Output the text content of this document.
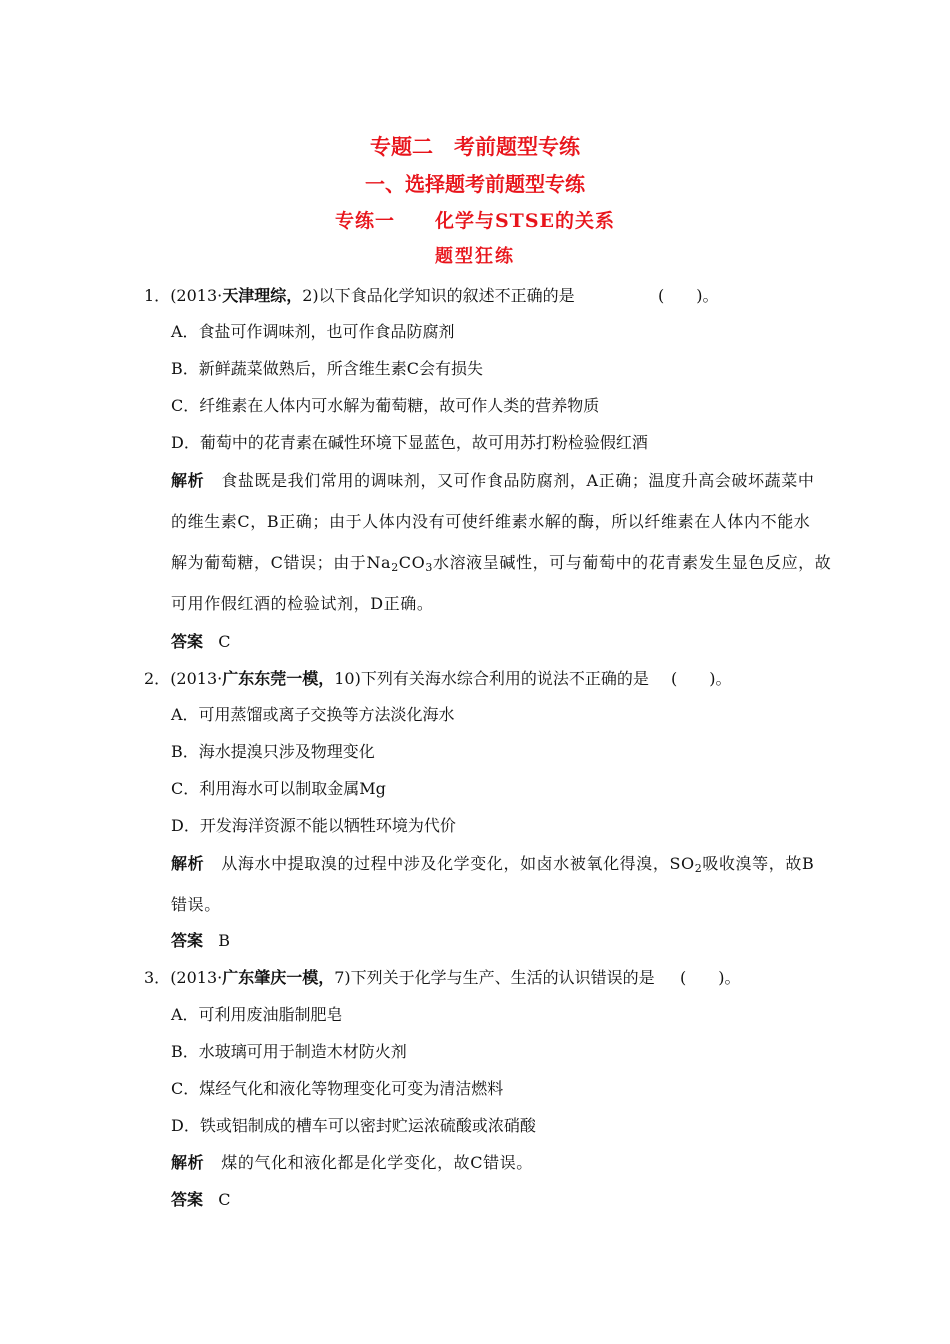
专题二　考前题型专练
一、选择题考前题型专练
专练一　　化学与STSE的关系
题型狂练
1．(2013·天津理综，2)以下食品化学知识的叙述不正确的是	(　　)。
A．食盐可作调味剂，也可作食品防腐剂
B．新鲜蔬菜做熟后，所含维生素C会有损失
C．纤维素在人体内可水解为葡萄糖，故可作人类的营养物质
D．葡萄中的花青素在碱性环境下显蓝色，故可用苏打粉检验假红酒
解析 食盐既是我们常用的调味剂，又可作食品防腐剂，A正确；温度升高会破坏蔬菜中
的维生素C，B正确；由于人体内没有可使纤维素水解的酶，所以纤维素在人体内不能水
解为葡萄糖，C错误；由于$Na_2CO_3$水溶液呈碱性，可与葡萄中的花青素发生显色反应，故
可用作假红酒的检验试剂，D正确。
答案 C
2．(2013·广东东莞一模，10)下列有关海水综合利用的说法不正确的是 (　　)。
A．可用蒸馏或离子交换等方法淡化海水
B．海水提溴只涉及物理变化
C．利用海水可以制取金属Mg
D．开发海洋资源不能以牺牲环境为代价
解析 从海水中提取溴的过程中涉及化学变化，如卤水被氧化得溴，$SO_2$吸收溴等，故B
错误。
答案 B
3．(2013·广东肇庆一模，7)下列关于化学与生产、生活的认识错误的是 (　　)。
A．可利用废油脂制肥皂
B．水玻璃可用于制造木材防火剂
C．煤经气化和液化等物理变化可变为清洁燃料
D．铁或铝制成的槽车可以密封贮运浓硫酸或浓硝酸
解析 煤的气化和液化都是化学变化，故C错误。
答案 C
